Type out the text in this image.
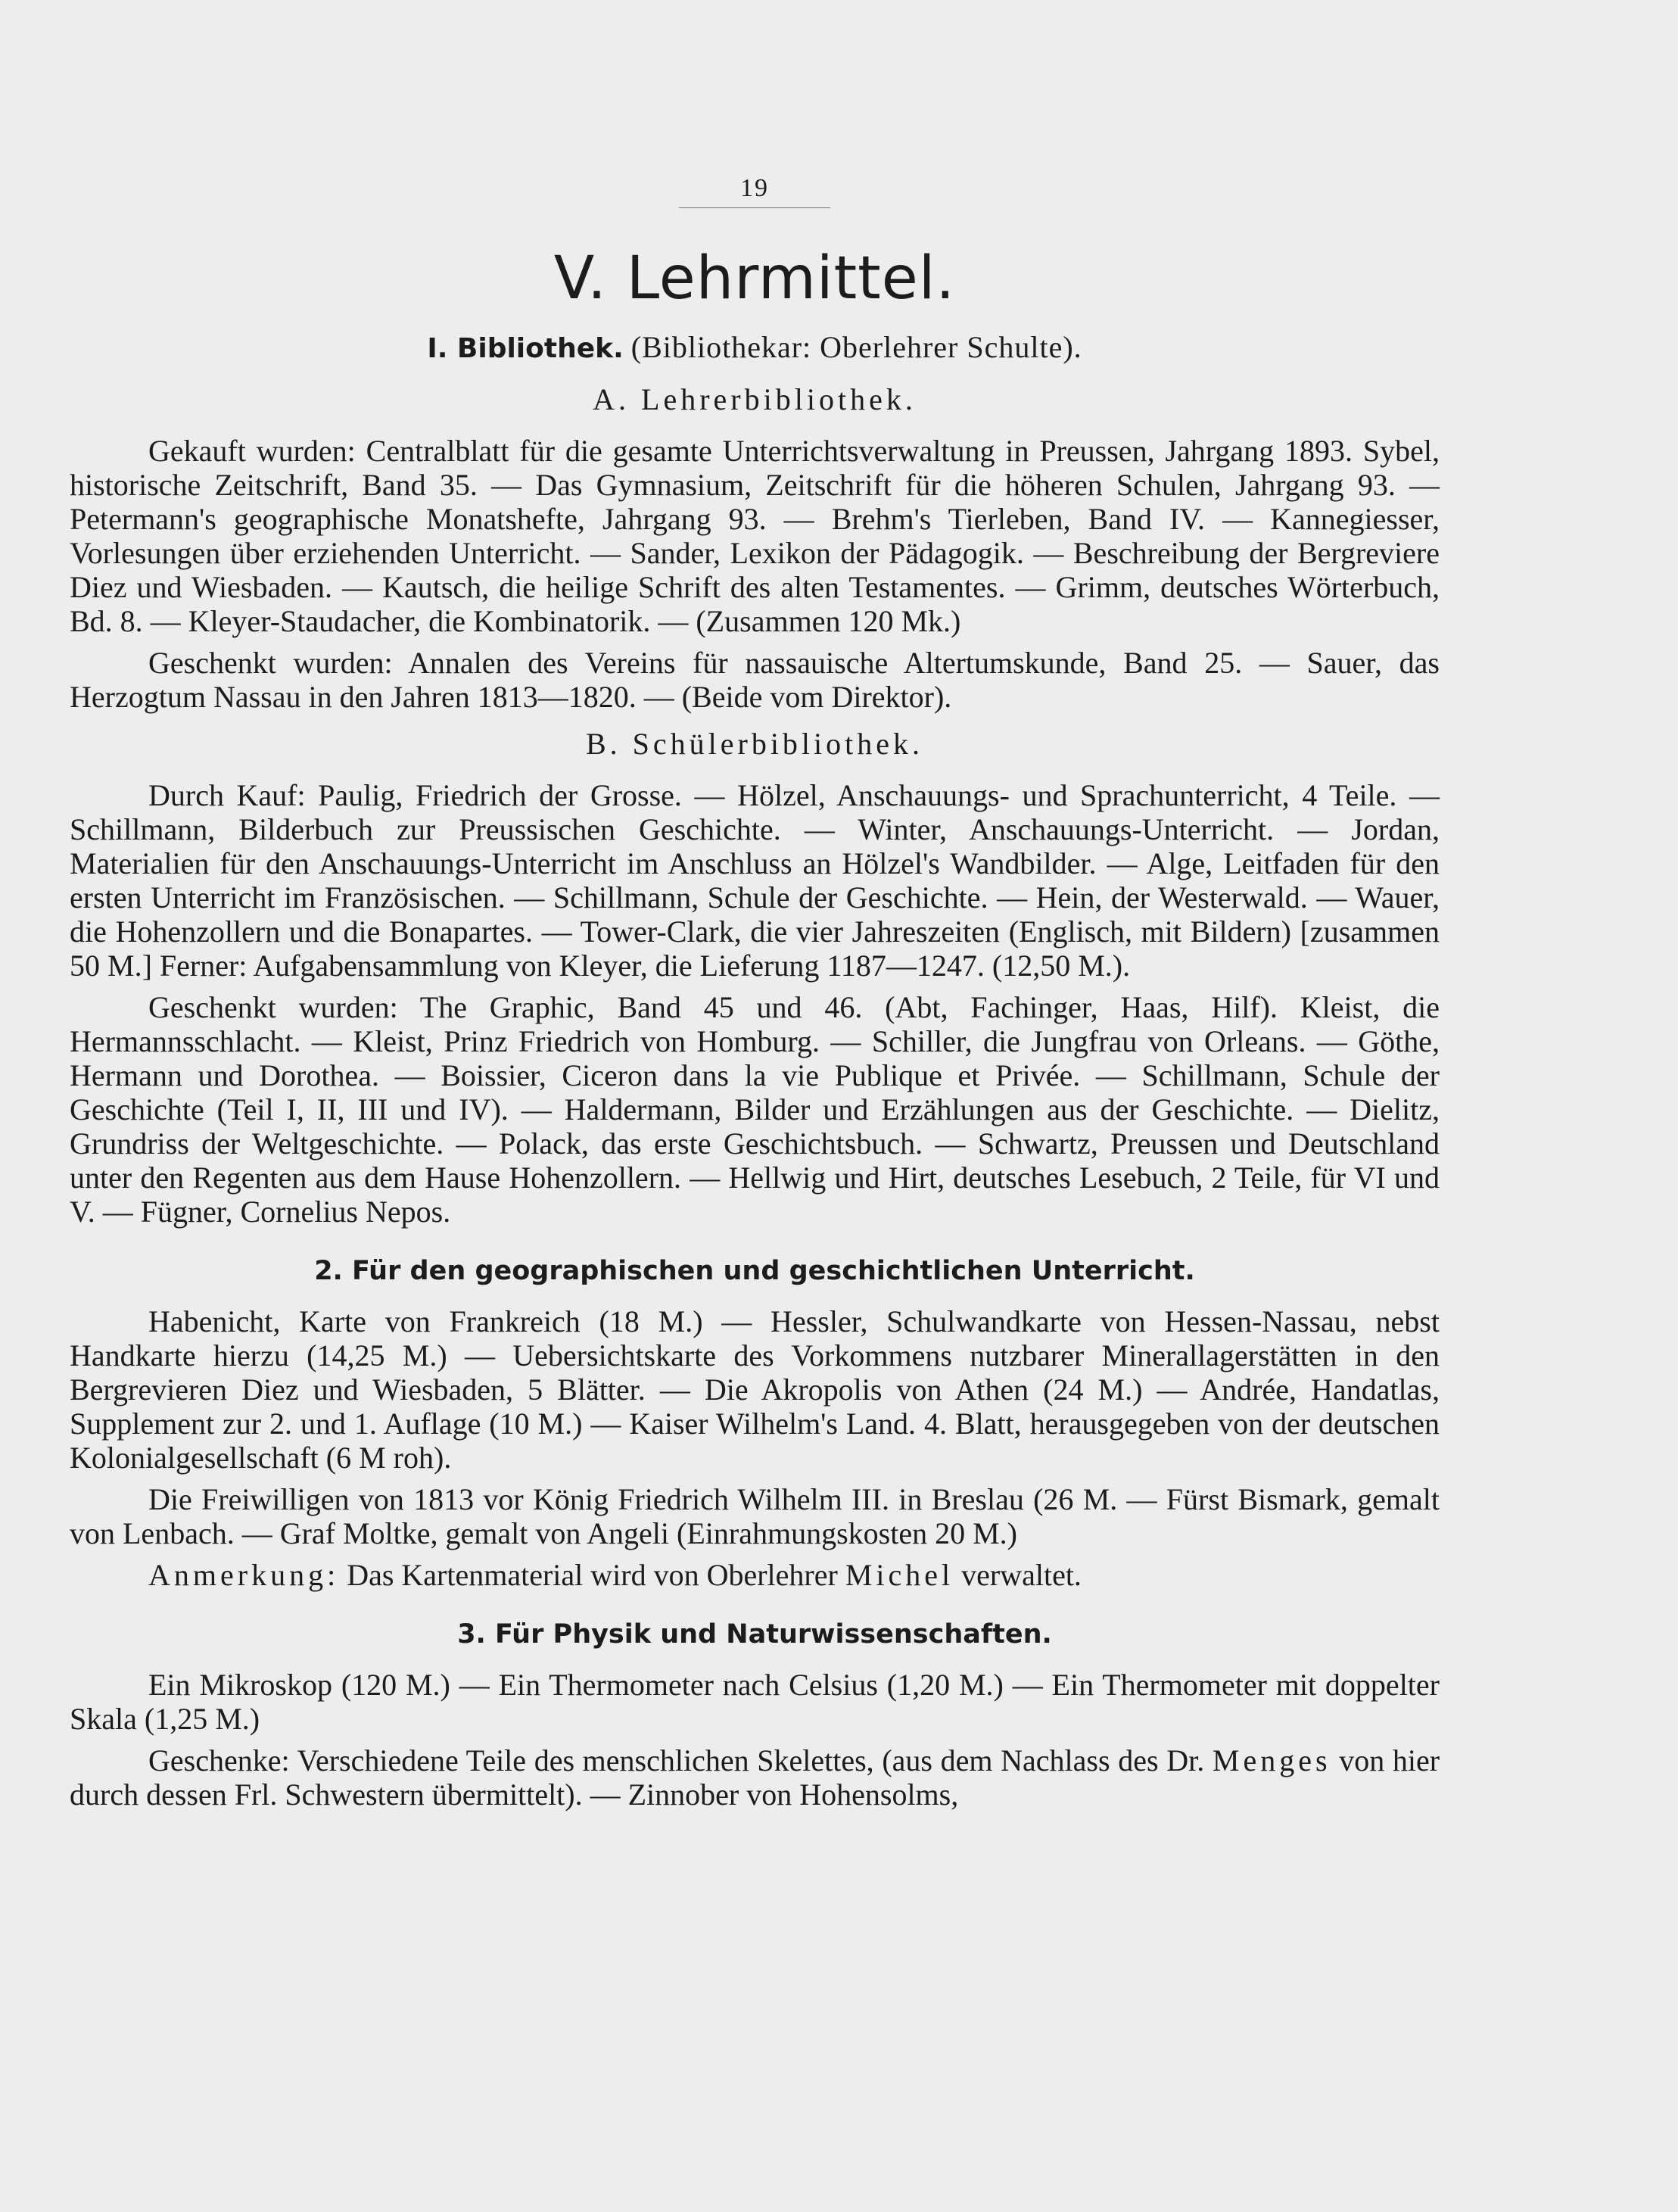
19
V. Lehrmittel.
I. Bibliothek. (Bibliothekar: Oberlehrer Schulte).
A. Lehrerbibliothek.

Gekauft wurden: Centralblatt für die gesamte Unterrichtsverwaltung in Preussen, Jahrgang 1893. Sybel, historische Zeitschrift, Band 35. — Das Gymnasium, Zeitschrift für die höheren Schulen, Jahrgang 93. — Petermann's geographische Monatshefte, Jahrgang 93. — Brehm's Tierleben, Band IV. — Kannegiesser, Vorlesungen über erziehenden Unterricht. — Sander, Lexikon der Pädagogik. — Beschreibung der Bergreviere Diez und Wiesbaden. — Kautsch, die heilige Schrift des alten Testamentes. — Grimm, deutsches Wörterbuch, Bd. 8. — Kleyer-Staudacher, die Kombinatorik. — (Zusammen 120 Mk.)

Geschenkt wurden: Annalen des Vereins für nassauische Altertumskunde, Band 25. — Sauer, das Herzogtum Nassau in den Jahren 1813—1820. — (Beide vom Direktor).

B. Schülerbibliothek.

Durch Kauf: Paulig, Friedrich der Grosse. — Hölzel, Anschauungs- und Sprachunterricht, 4 Teile. — Schillmann, Bilderbuch zur Preussischen Geschichte. — Winter, Anschauungs-Unterricht. — Jordan, Materialien für den Anschauungs-Unterricht im Anschluss an Hölzel's Wandbilder. — Alge, Leitfaden für den ersten Unterricht im Französischen. — Schillmann, Schule der Geschichte. — Hein, der Westerwald. — Wauer, die Hohenzollern und die Bonapartes. — Tower-Clark, die vier Jahreszeiten (Englisch, mit Bildern) [zusammen 50 M.] Ferner: Aufgabensammlung von Kleyer, die Lieferung 1187—1247. (12,50 M.).

Geschenkt wurden: The Graphic, Band 45 und 46. (Abt, Fachinger, Haas, Hilf). Kleist, die Hermannsschlacht. — Kleist, Prinz Friedrich von Homburg. — Schiller, die Jungfrau von Orleans. — Göthe, Hermann und Dorothea. — Boissier, Ciceron dans la vie Publique et Privée. — Schillmann, Schule der Geschichte (Teil I, II, III und IV). — Haldermann, Bilder und Erzählungen aus der Geschichte. — Dielitz, Grundriss der Weltgeschichte. — Polack, das erste Geschichtsbuch. — Schwartz, Preussen und Deutschland unter den Regenten aus dem Hause Hohenzollern. — Hellwig und Hirt, deutsches Lesebuch, 2 Teile, für VI und V. — Fügner, Cornelius Nepos.

2. Für den geographischen und geschichtlichen Unterricht.

Habenicht, Karte von Frankreich (18 M.) — Hessler, Schulwandkarte von Hessen-Nassau, nebst Handkarte hierzu (14,25 M.) — Uebersichtskarte des Vorkommens nutzbarer Minerallagerstätten in den Bergrevieren Diez und Wiesbaden, 5 Blätter. — Die Akropolis von Athen (24 M.) — Andrée, Handatlas, Supplement zur 2. und 1. Auflage (10 M.) — Kaiser Wilhelm's Land. 4. Blatt, herausgegeben von der deutschen Kolonialgesellschaft (6 M roh).

Die Freiwilligen von 1813 vor König Friedrich Wilhelm III. in Breslau (26 M. — Fürst Bismark, gemalt von Lenbach. — Graf Moltke, gemalt von Angeli (Einrahmungskosten 20 M.)

Anmerkung: Das Kartenmaterial wird von Oberlehrer Michel verwaltet.

3. Für Physik und Naturwissenschaften.

Ein Mikroskop (120 M.) — Ein Thermometer nach Celsius (1,20 M.) — Ein Thermometer mit doppelter Skala (1,25 M.)

Geschenke: Verschiedene Teile des menschlichen Skelettes, (aus dem Nachlass des Dr. Menges von hier durch dessen Frl. Schwestern übermittelt). — Zinnober von Hohensolms,
